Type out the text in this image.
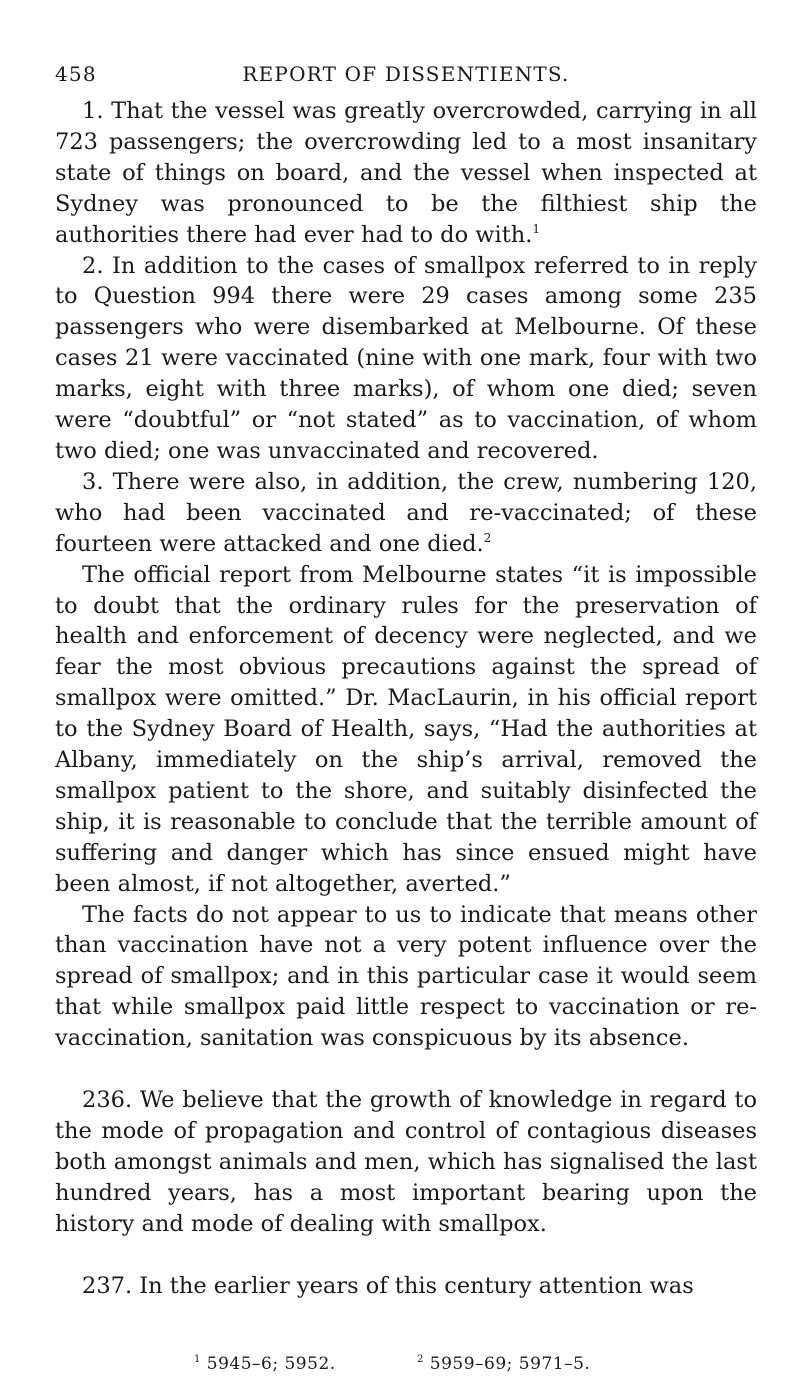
458	REPORT OF DISSENTIENTS.

1. That the vessel was greatly overcrowded, carrying in all 723 passengers; the overcrowding led to a most insanitary state of things on board, and the vessel when inspected at Sydney was pronounced to be the filthiest ship the authorities there had ever had to do with.$^1$

2. In addition to the cases of smallpox referred to in reply to Question 994 there were 29 cases among some 235 passengers who were disembarked at Melbourne. Of these cases 21 were vaccinated (nine with one mark, four with two marks, eight with three marks), of whom one died; seven were “doubtful” or “not stated” as to vaccination, of whom two died; one was unvaccinated and recovered.

3. There were also, in addition, the crew, numbering 120, who had been vaccinated and re-vaccinated; of these fourteen were attacked and one died.$^2$

The official report from Melbourne states “it is impossible to doubt that the ordinary rules for the preservation of health and enforcement of decency were neglected, and we fear the most obvious precautions against the spread of smallpox were omitted.” Dr. MacLaurin, in his official report to the Sydney Board of Health, says, “Had the authorities at Albany, immediately on the ship’s arrival, removed the smallpox patient to the shore, and suitably disinfected the ship, it is reasonable to conclude that the terrible amount of suffering and danger which has since ensued might have been almost, if not altogether, averted.”

The facts do not appear to us to indicate that means other than vaccination have not a very potent influence over the spread of smallpox; and in this particular case it would seem that while smallpox paid little respect to vaccination or re-vaccination, sanitation was conspicuous by its absence.

236. We believe that the growth of knowledge in regard to the mode of propagation and control of contagious diseases both amongst animals and men, which has signalised the last hundred years, has a most important bearing upon the history and mode of dealing with smallpox.

237. In the earlier years of this century attention was

$^1$ 5945–6; 5952.	$^2$ 5959–69; 5971–5.
